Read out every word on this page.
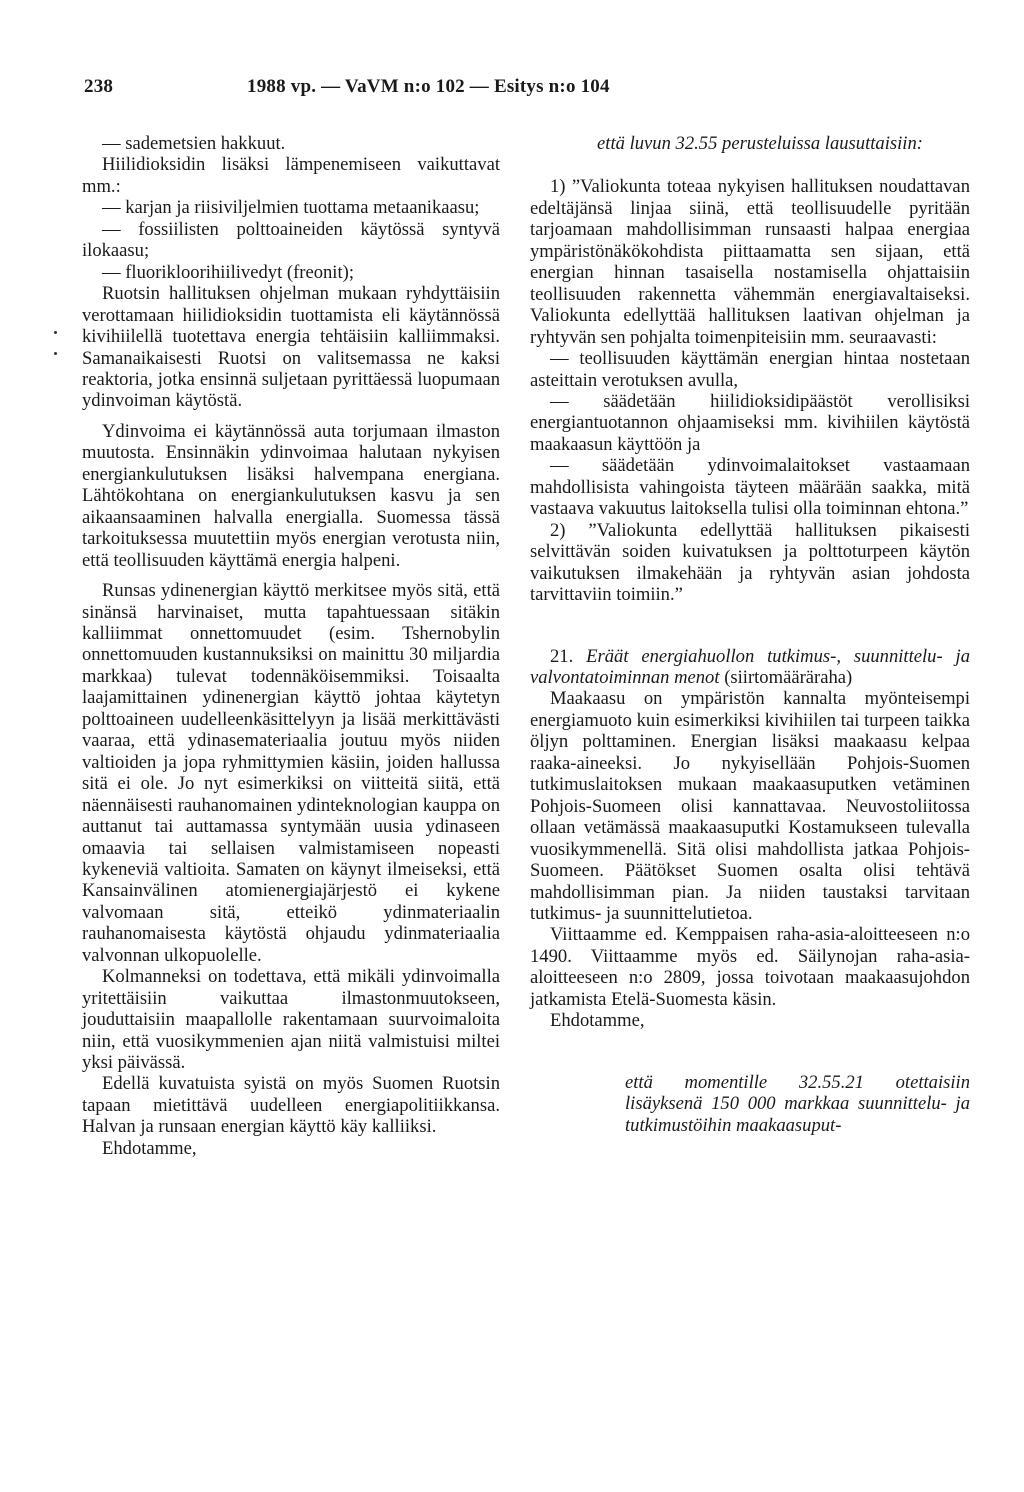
238	1988 vp. — VaVM n:o 102 — Esitys n:o 104

— sademetsien hakkuut.

Hiilidioksidin lisäksi lämpenemiseen vaikuttavat mm.:

— karjan ja riisiviljelmien tuottama metaanikaasu;

— fossiilisten polttoaineiden käytössä syntyvä ilokaasu;

— fluorikloorihiilivedyt (freonit);

Ruotsin hallituksen ohjelman mukaan ryhdyttäisiin verottamaan hiilidioksidin tuottamista eli käytännössä kivihiilellä tuotettava energia tehtäisiin kalliimmaksi. Samanaikaisesti Ruotsi on valitsemassa ne kaksi reaktoria, jotka ensinnä suljetaan pyrittäessä luopumaan ydinvoiman käytöstä.

Ydinvoima ei käytännössä auta torjumaan ilmaston muutosta. Ensinnäkin ydinvoimaa halutaan nykyisen energiankulutuksen lisäksi halvempana energiana. Lähtökohtana on energiankulutuksen kasvu ja sen aikaansaaminen halvalla energialla. Suomessa tässä tarkoituksessa muutettiin myös energian verotusta niin, että teollisuuden käyttämä energia halpeni.

Runsas ydinenergian käyttö merkitsee myös sitä, että sinänsä harvinaiset, mutta tapahtuessaan sitäkin kalliimmat onnettomuudet (esim. Tshernobylin onnettomuuden kustannuksiksi on mainittu 30 miljardia markkaa) tulevat todennäköisemmiksi. Toisaalta laajamittainen ydinenergian käyttö johtaa käytetyn polttoaineen uudelleenkäsittelyyn ja lisää merkittävästi vaaraa, että ydinasemateriaalia joutuu myös niiden valtioiden ja jopa ryhmittymien käsiin, joiden hallussa sitä ei ole. Jo nyt esimerkiksi on viitteitä siitä, että näennäisesti rauhanomainen ydinteknologian kauppa on auttanut tai auttamassa syntymään uusia ydinaseen omaavia tai sellaisen valmistamiseen nopeasti kykeneviä valtioita. Samaten on käynyt ilmeiseksi, että Kansainvälinen atomienergiajärjestö ei kykene valvomaan sitä, etteikö ydinmateriaalin rauhanomaisesta käytöstä ohjaudu ydinmateriaalia valvonnan ulkopuolelle.

Kolmanneksi on todettava, että mikäli ydinvoimalla yritettäisiin vaikuttaa ilmastonmuutokseen, jouduttaisiin maapallolle rakentamaan suurvoimaloita niin, että vuosikymmenien ajan niitä valmistuisi miltei yksi päivässä.

Edellä kuvatuista syistä on myös Suomen Ruotsin tapaan mietittävä uudelleen energiapolitiikkansa. Halvan ja runsaan energian käyttö käy kalliiksi.

Ehdotamme,

että luvun 32.55 perusteluissa lausuttaisiin:

1) ”Valiokunta toteaa nykyisen hallituksen noudattavan edeltäjänsä linjaa siinä, että teollisuudelle pyritään tarjoamaan mahdollisimman runsaasti halpaa energiaa ympäristönäkökohdista piittaamatta sen sijaan, että energian hinnan tasaisella nostamisella ohjattaisiin teollisuuden rakennetta vähemmän energiavaltaiseksi. Valiokunta edellyttää hallituksen laativan ohjelman ja ryhtyvän sen pohjalta toimenpiteisiin mm. seuraavasti:

— teollisuuden käyttämän energian hintaa nostetaan asteittain verotuksen avulla,

— säädetään hiilidioksidipäästöt verollisiksi energiantuotannon ohjaamiseksi mm. kivihiilen käytöstä maakaasun käyttöön ja

— säädetään ydinvoimalaitokset vastaamaan mahdollisista vahingoista täyteen määrään saakka, mitä vastaava vakuutus laitoksella tulisi olla toiminnan ehtona.”

2) ”Valiokunta edellyttää hallituksen pikaisesti selvittävän soiden kuivatuksen ja polttoturpeen käytön vaikutuksen ilmakehään ja ryhtyvän asian johdosta tarvittaviin toimiin.”

21. Eräät energiahuollon tutkimus-, suunnittelu- ja valvontatoiminnan menot (siirtomääräraha)

Maakaasu on ympäristön kannalta myönteisempi energiamuoto kuin esimerkiksi kivihiilen tai turpeen taikka öljyn polttaminen. Energian lisäksi maakaasu kelpaa raaka-aineeksi. Jo nykyisellään Pohjois-Suomen tutkimuslaitoksen mukaan maakaasuputken vetäminen Pohjois-Suomeen olisi kannattavaa. Neuvostoliitossa ollaan vetämässä maakaasuputki Kostamukseen tulevalla vuosikymmenellä. Sitä olisi mahdollista jatkaa Pohjois-Suomeen. Päätökset Suomen osalta olisi tehtävä mahdollisimman pian. Ja niiden taustaksi tarvitaan tutkimus- ja suunnittelutietoa.

Viittaamme ed. Kemppaisen raha-asia-aloitteeseen n:o 1490. Viittaamme myös ed. Säilynojan raha-asia-aloitteeseen n:o 2809, jossa toivotaan maakaasujohdon jatkamista Etelä-Suomesta käsin.

Ehdotamme,

että momentille 32.55.21 otettaisiin lisäyksenä 150 000 markkaa suunnittelu- ja tutkimustöihin maakaasuput-
